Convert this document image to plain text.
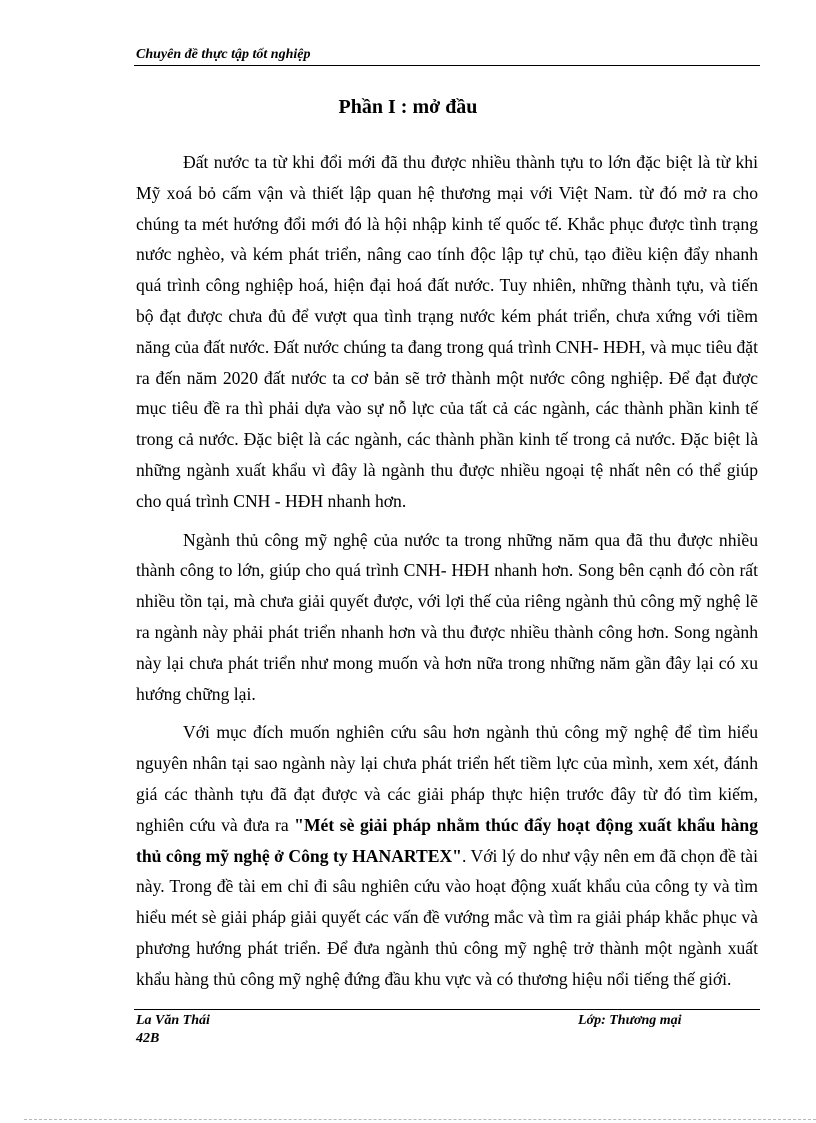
Chuyên đề thực tập tốt nghiệp
Phần I : mở đầu

Đất nước ta từ khi đổi mới đã thu được nhiều thành tựu to lớn đặc biệt là từ khi Mỹ xoá bỏ cấm vận và thiết lập quan hệ thương mại với Việt Nam. từ đó mở ra cho chúng ta mét hướng đổi mới đó là hội nhập kinh tế quốc tế. Khắc phục được tình trạng nước nghèo, và kém phát triển, nâng cao tính độc lập tự chủ, tạo điều kiện đẩy nhanh quá trình công nghiệp hoá, hiện đại hoá đất nước. Tuy nhiên, những thành tựu, và tiến bộ đạt được chưa đủ để vượt qua tình trạng nước kém phát triển, chưa xứng với tiềm năng của đất nước. Đất nước chúng ta đang trong quá trình CNH- HĐH, và mục tiêu đặt ra đến năm 2020 đất nước ta cơ bản sẽ trở thành một nước công nghiệp. Để đạt được mục tiêu đề ra thì phải dựa vào sự nỗ lực của tất cả các ngành, các thành phần kinh tế trong cả nước. Đặc biệt là các ngành, các thành phần kinh tế trong cả nước. Đặc biệt là những ngành xuất khẩu vì đây là ngành thu được nhiều ngoại tệ nhất nên có thể giúp cho quá trình CNH - HĐH nhanh hơn.

Ngành thủ công mỹ nghệ của nước ta trong những năm qua đã thu được nhiều thành công to lớn, giúp cho quá trình CNH- HĐH nhanh hơn. Song bên cạnh đó còn rất nhiều tồn tại, mà chưa giải quyết được, với lợi thế của riêng ngành thủ công mỹ nghệ lẽ ra ngành này phải phát triển nhanh hơn và thu được nhiều thành công hơn. Song ngành này lại chưa phát triển như mong muốn và hơn nữa trong những năm gần đây lại có xu hướng chững lại.

Với mục đích muốn nghiên cứu sâu hơn ngành thủ công mỹ nghệ để tìm hiểu nguyên nhân tại sao ngành này lại chưa phát triển hết tiềm lực của mình, xem xét, đánh giá các thành tựu đã đạt được và các giải pháp thực hiện trước đây từ đó tìm kiếm, nghiên cứu và đưa ra "Mét sè giải pháp nhằm thúc đẩy hoạt động xuất khẩu hàng thủ công mỹ nghệ ở Công ty HANARTEX". Với lý do như vậy nên em đã chọn đề tài này. Trong đề tài em chỉ đi sâu nghiên cứu vào hoạt động xuất khẩu của công ty và tìm hiểu mét sè giải pháp giải quyết các vấn đề vướng mắc và tìm ra giải pháp khắc phục và phương hướng phát triển. Để đưa ngành thủ công mỹ nghệ trở thành một ngành xuất khẩu hàng thủ công mỹ nghệ đứng đầu khu vực và có thương hiệu nổi tiếng thế giới.

La Văn Thái
42B
Lớp: Thương mại
